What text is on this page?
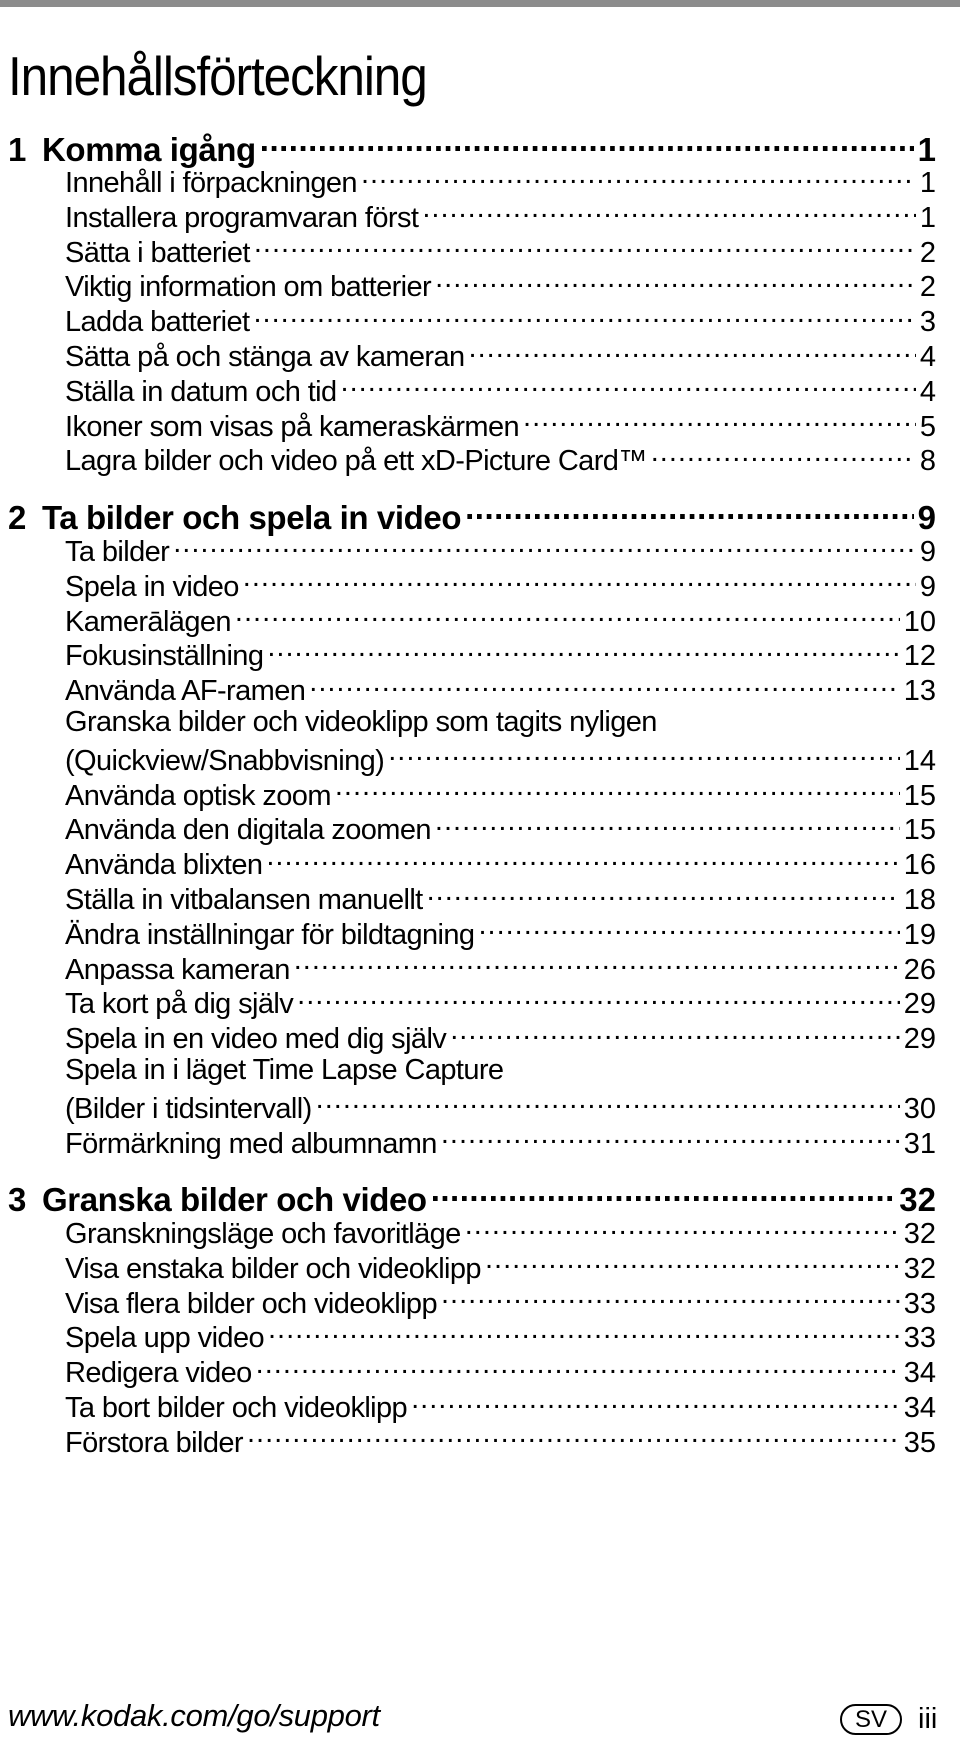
Innehållsförteckning
1 Komma igång .....	1
Innehåll i förpackningen .....	1
Installera programvaran först .....	1
Sätta i batteriet .....	2
Viktig information om batterier .....	2
Ladda batteriet .....	3
Sätta på och stänga av kameran .....	4
Ställa in datum och tid .....	4
Ikoner som visas på kameraskärmen .....	5
Lagra bilder och video på ett xD-Picture Card™ .....	8
2 Ta bilder och spela in video .....	9
Ta bilder .....	9
Spela in video .....	9
Kamerālägen .....	10
Fokusinställning .....	12
Använda AF-ramen .....	13
Granska bilder och videoklipp som tagits nyligen
(Quickview/Snabbvisning) .....	14
Använda optisk zoom .....	15
Använda den digitala zoomen .....	15
Använda blixten .....	16
Ställa in vitbalansen manuellt .....	18
Ändra inställningar för bildtagning .....	19
Anpassa kameran .....	26
Ta kort på dig själv .....	29
Spela in en video med dig själv .....	29
Spela in i läget Time Lapse Capture
(Bilder i tidsintervall) .....	30
Förmärkning med albumnamn .....	31
3 Granska bilder och video .....	32
Granskningsläge och favoritläge .....	32
Visa enstaka bilder och videoklipp .....	32
Visa flera bilder och videoklipp .....	33
Spela upp video .....	33
Redigera video .....	34
Ta bort bilder och videoklipp .....	34
Förstora bilder .....	35
www.kodak.com/go/support	SV	iii
